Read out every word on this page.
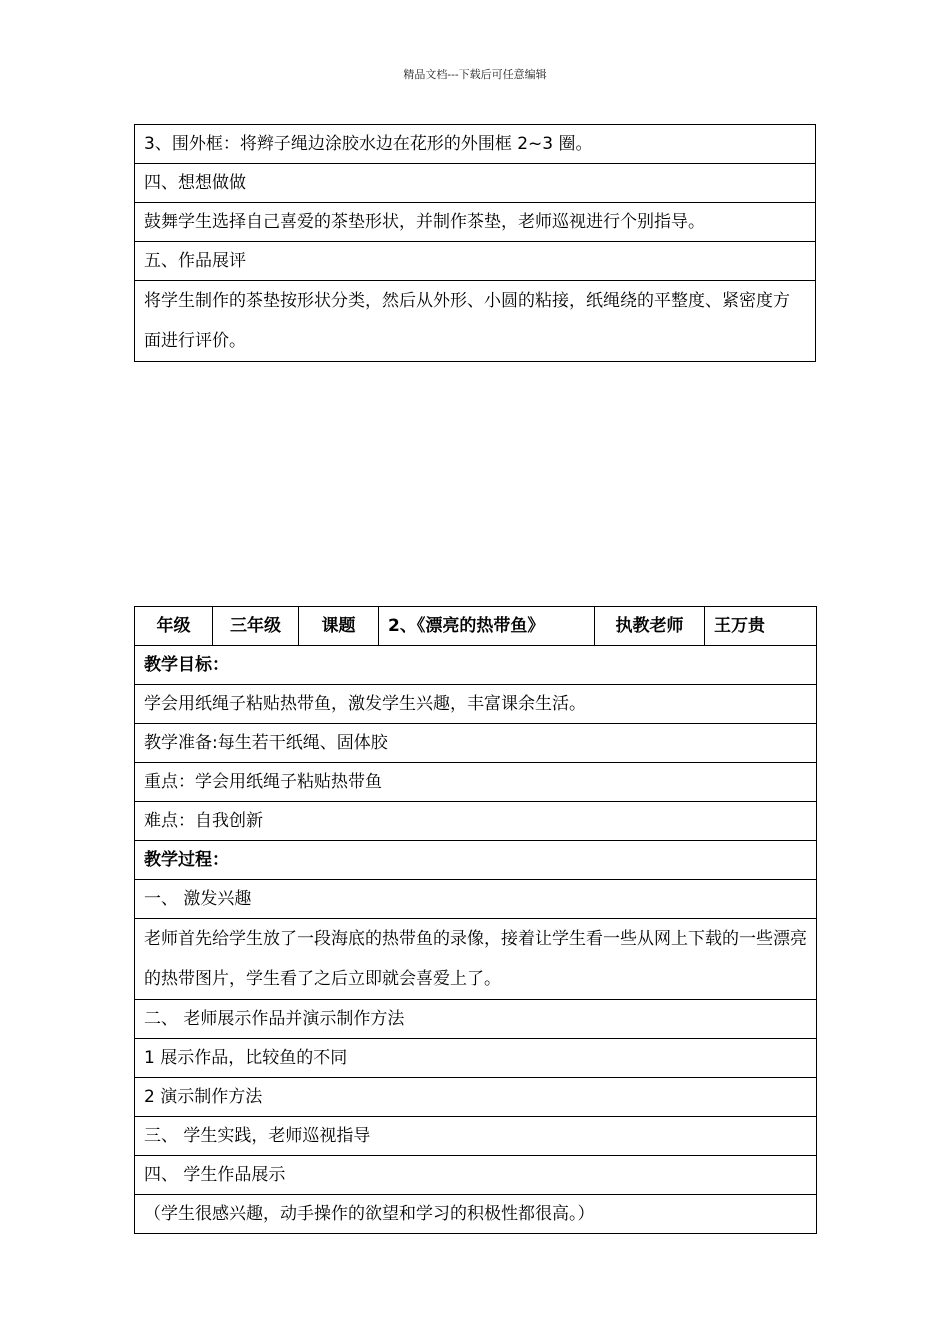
精品文档---下载后可任意编辑
3、围外框：将辫子绳边涂胶水边在花形的外围框 2~3 圈。
四、想想做做
鼓舞学生选择自己喜爱的茶垫形状，并制作茶垫，老师巡视进行个别指导。
五、作品展评
将学生制作的茶垫按形状分类，然后从外形、小圆的粘接，纸绳绕的平整度、紧密度方面进行评价。
年级	三年级	课题	2、《漂亮的热带鱼》	执教老师	王万贵
教学目标：
学会用纸绳子粘贴热带鱼，激发学生兴趣，丰富课余生活。
教学准备:每生若干纸绳、固体胶
重点：学会用纸绳子粘贴热带鱼
难点：自我创新
教学过程：
一、 激发兴趣
老师首先给学生放了一段海底的热带鱼的录像，接着让学生看一些从网上下载的一些漂亮的热带图片，学生看了之后立即就会喜爱上了。
二、 老师展示作品并演示制作方法
1 展示作品，比较鱼的不同
2 演示制作方法
三、 学生实践，老师巡视指导
四、 学生作品展示
（学生很感兴趣，动手操作的欲望和学习的积极性都很高。）
